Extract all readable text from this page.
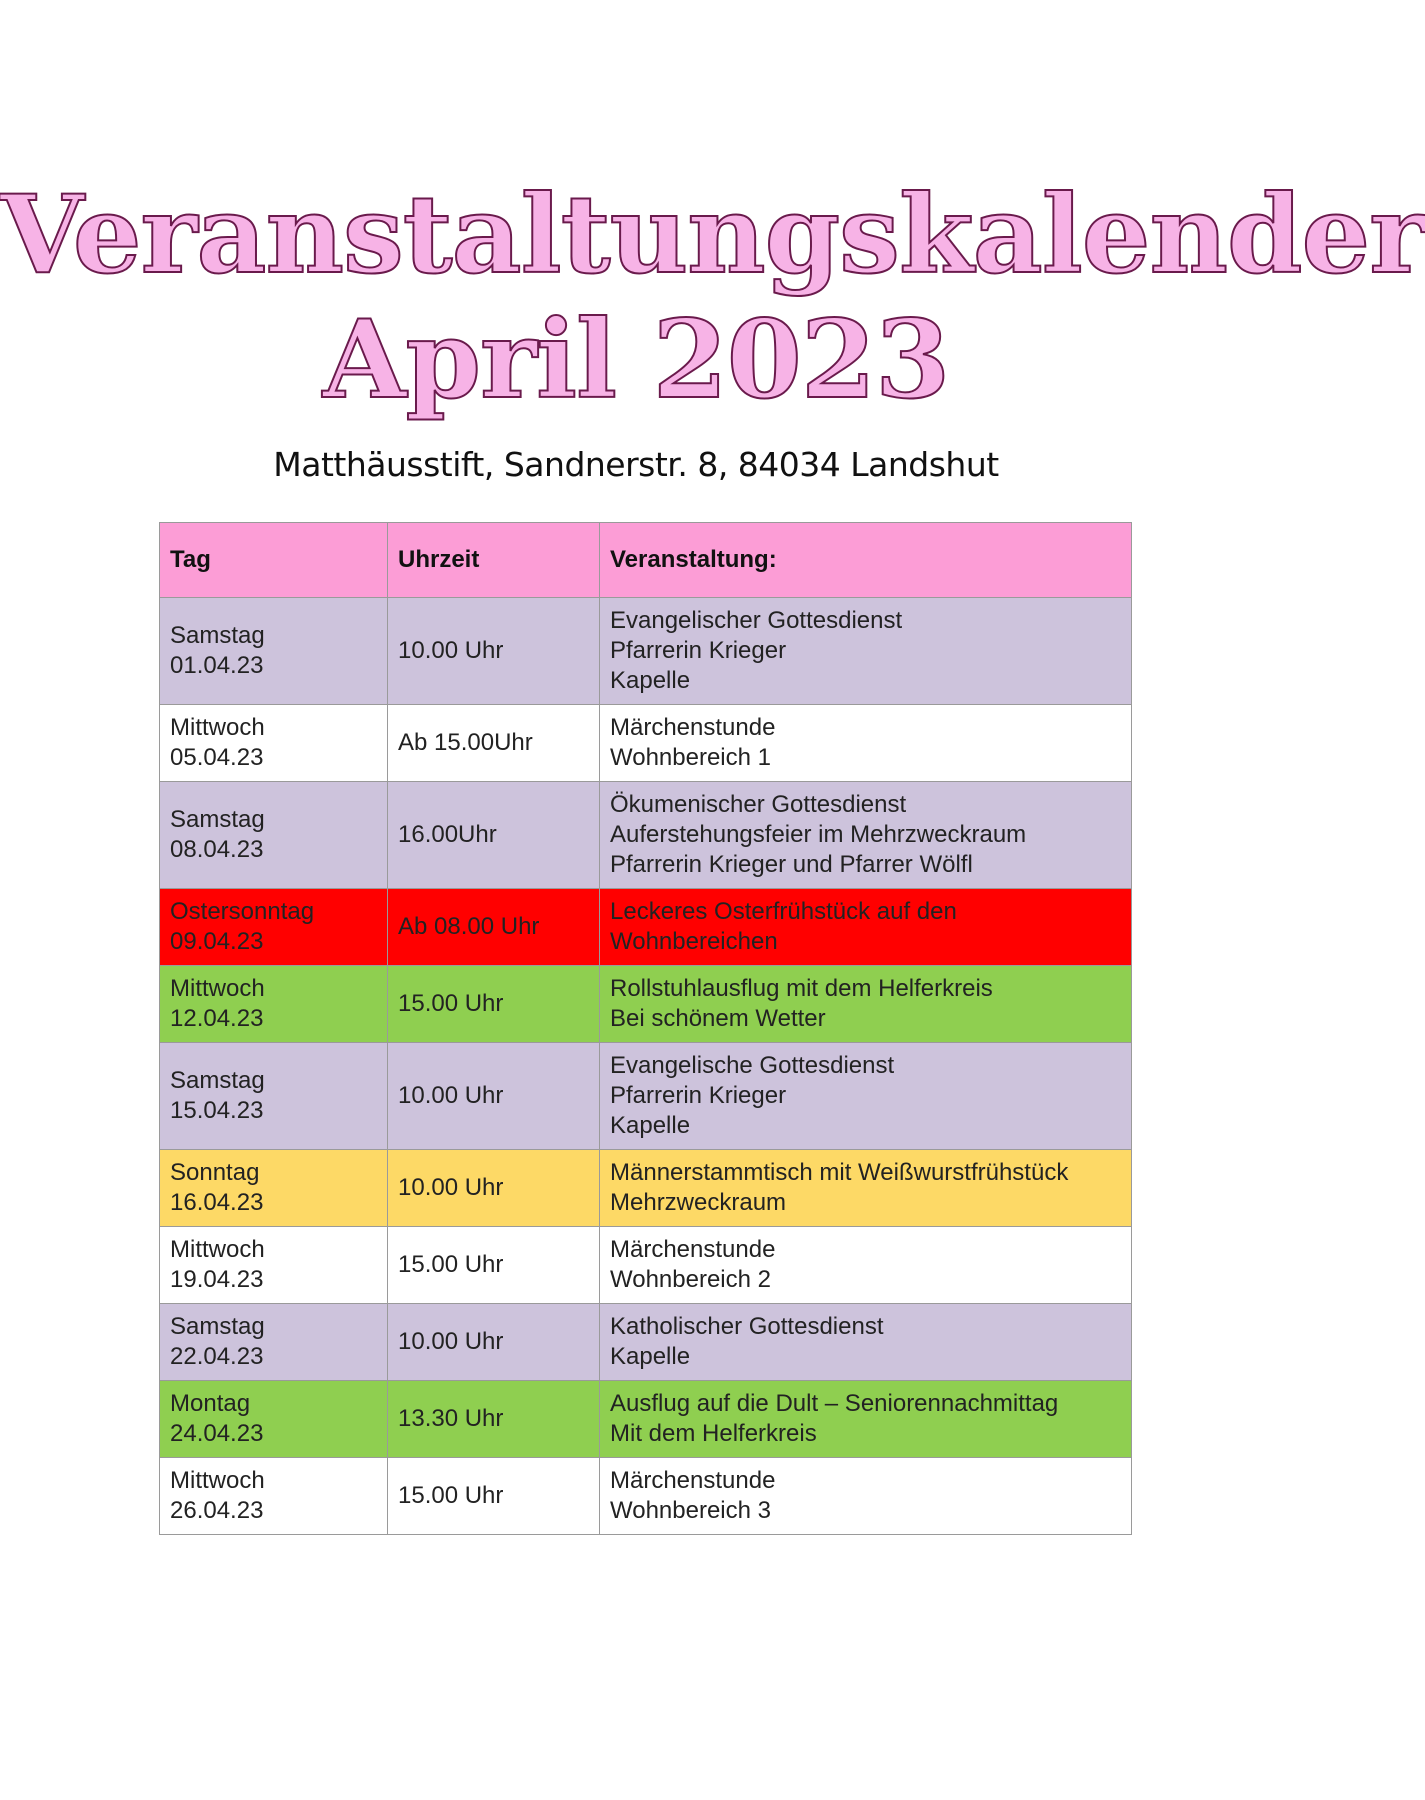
Veranstaltungskalender
April 2023
Matthäusstift, Sandnerstr. 8, 84034 Landshut
Tag	Uhrzeit	Veranstaltung:

Samstag
01.04.23	10.00 Uhr	Evangelischer Gottesdienst
Pfarrerin Krieger
Kapelle

Mittwoch
05.04.23	Ab 15.00Uhr	Märchenstunde
Wohnbereich 1

Samstag
08.04.23	16.00Uhr	Ökumenischer Gottesdienst
Auferstehungsfeier im Mehrzweckraum
Pfarrerin Krieger und Pfarrer Wölfl

Ostersonntag
09.04.23	Ab 08.00 Uhr	Leckeres Osterfrühstück auf den
Wohnbereichen

Mittwoch
12.04.23	15.00 Uhr	Rollstuhlausflug mit dem Helferkreis
Bei schönem Wetter

Samstag
15.04.23	10.00 Uhr	Evangelische Gottesdienst
Pfarrerin Krieger
Kapelle

Sonntag
16.04.23	10.00 Uhr	Männerstammtisch mit Weißwurstfrühstück
Mehrzweckraum

Mittwoch
19.04.23	15.00 Uhr	Märchenstunde
Wohnbereich 2

Samstag
22.04.23	10.00 Uhr	Katholischer Gottesdienst
Kapelle

Montag
24.04.23	13.30 Uhr	Ausflug auf die Dult – Seniorennachmittag
Mit dem Helferkreis

Mittwoch
26.04.23	15.00 Uhr	Märchenstunde
Wohnbereich 3
